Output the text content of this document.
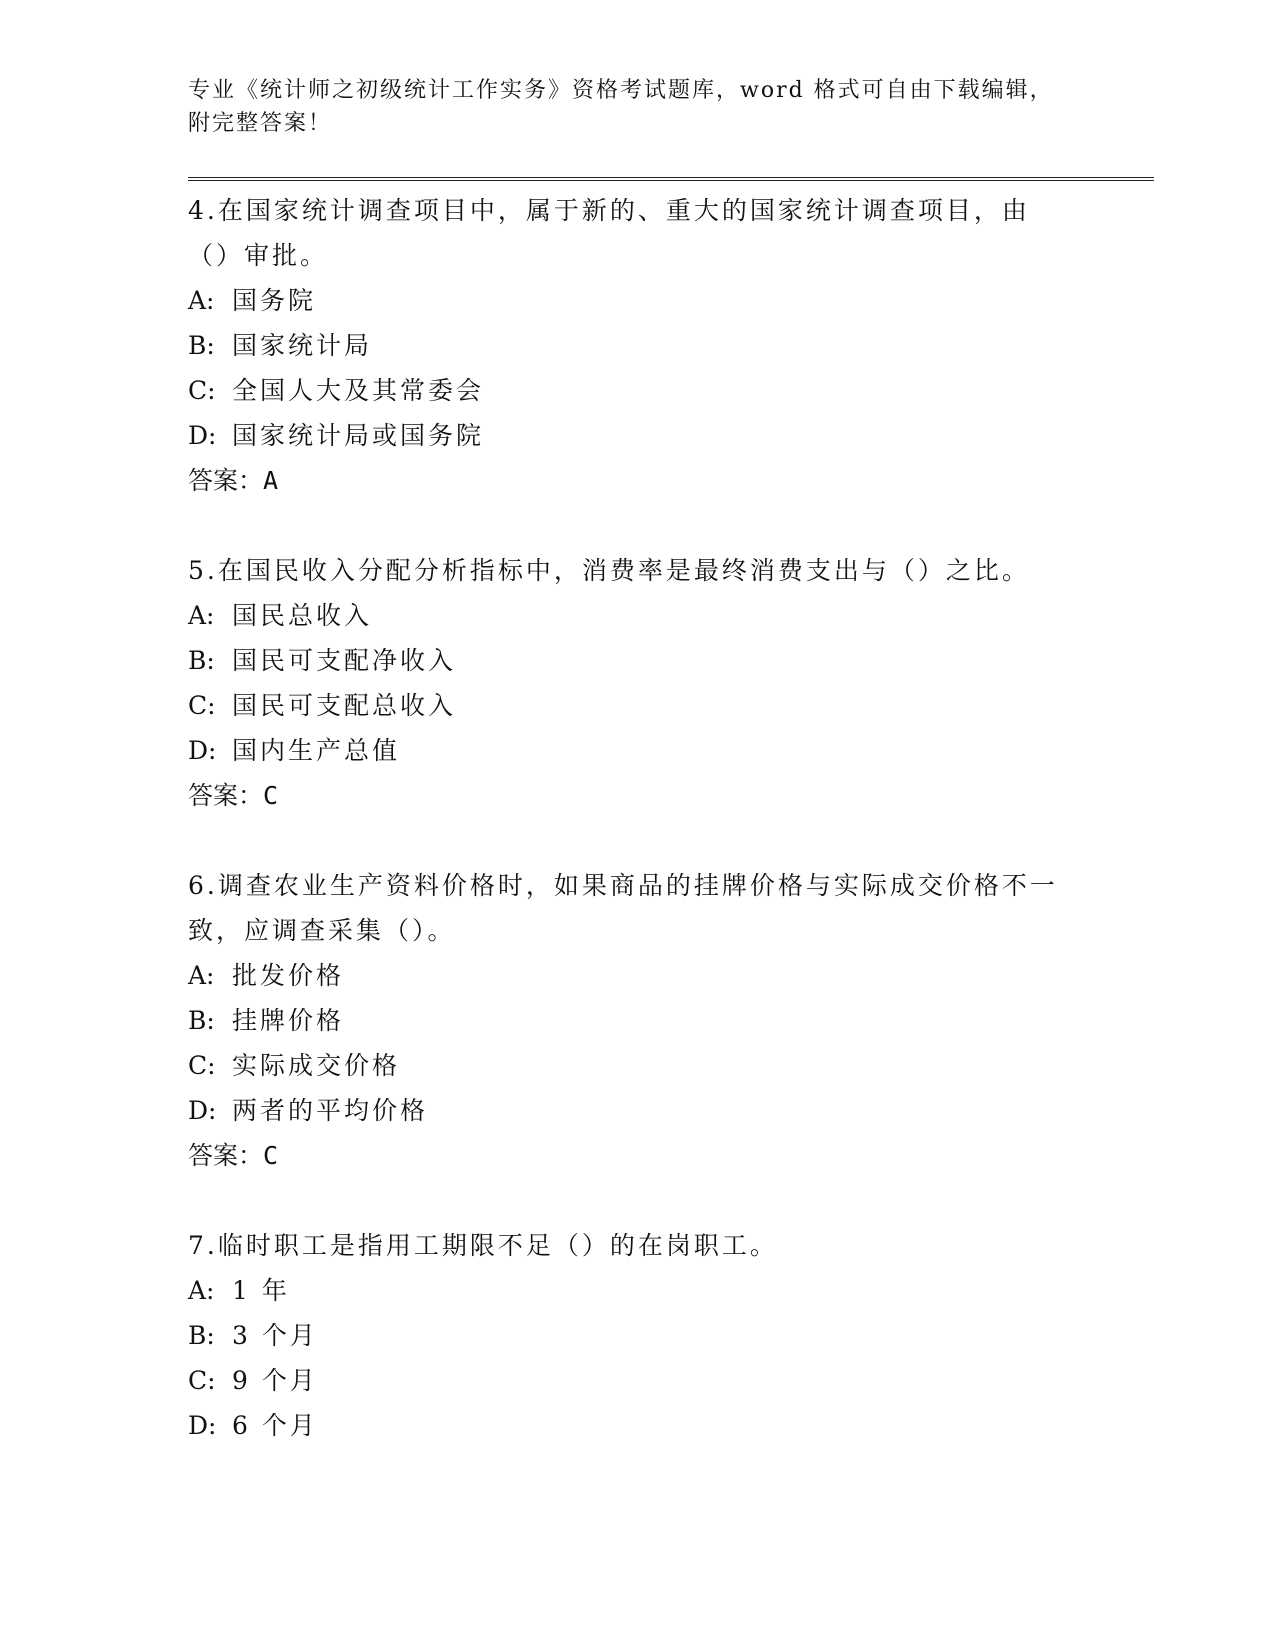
专业《统计师之初级统计工作实务》资格考试题库，word 格式可自由下载编辑，
附完整答案！

4.在国家统计调查项目中，属于新的、重大的国家统计调查项目，由（）审批。

A: 国务院

B: 国家统计局

C: 全国人大及其常委会

D: 国家统计局或国务院

答案：A

5.在国民收入分配分析指标中，消费率是最终消费支出与（）之比。

A: 国民总收入

B: 国民可支配净收入

C: 国民可支配总收入

D: 国内生产总值

答案：C

6.调查农业生产资料价格时，如果商品的挂牌价格与实际成交价格不一致，应调查采集（）。

A: 批发价格

B: 挂牌价格

C: 实际成交价格

D: 两者的平均价格

答案：C

7.临时职工是指用工期限不足（）的在岗职工。

A: 1 年

B: 3 个月

C: 9 个月

D: 6 个月
